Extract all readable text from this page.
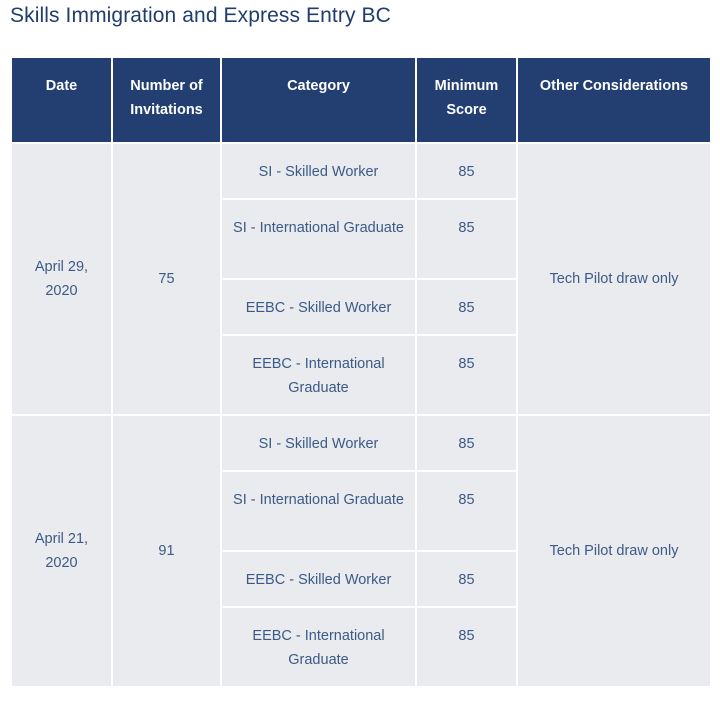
Skills Immigration and Express Entry BC
Date	Number of Invitations	Category	Minimum Score	Other Considerations
April 29, 2020	75	SI - Skilled Worker	85	Tech Pilot draw only
		SI - International Graduate	85	
		EEBC - Skilled Worker	85	
		EEBC - International Graduate	85	
April 21, 2020	91	SI - Skilled Worker	85	Tech Pilot draw only
		SI - International Graduate	85	
		EEBC - Skilled Worker	85	
		EEBC - International Graduate	85	
